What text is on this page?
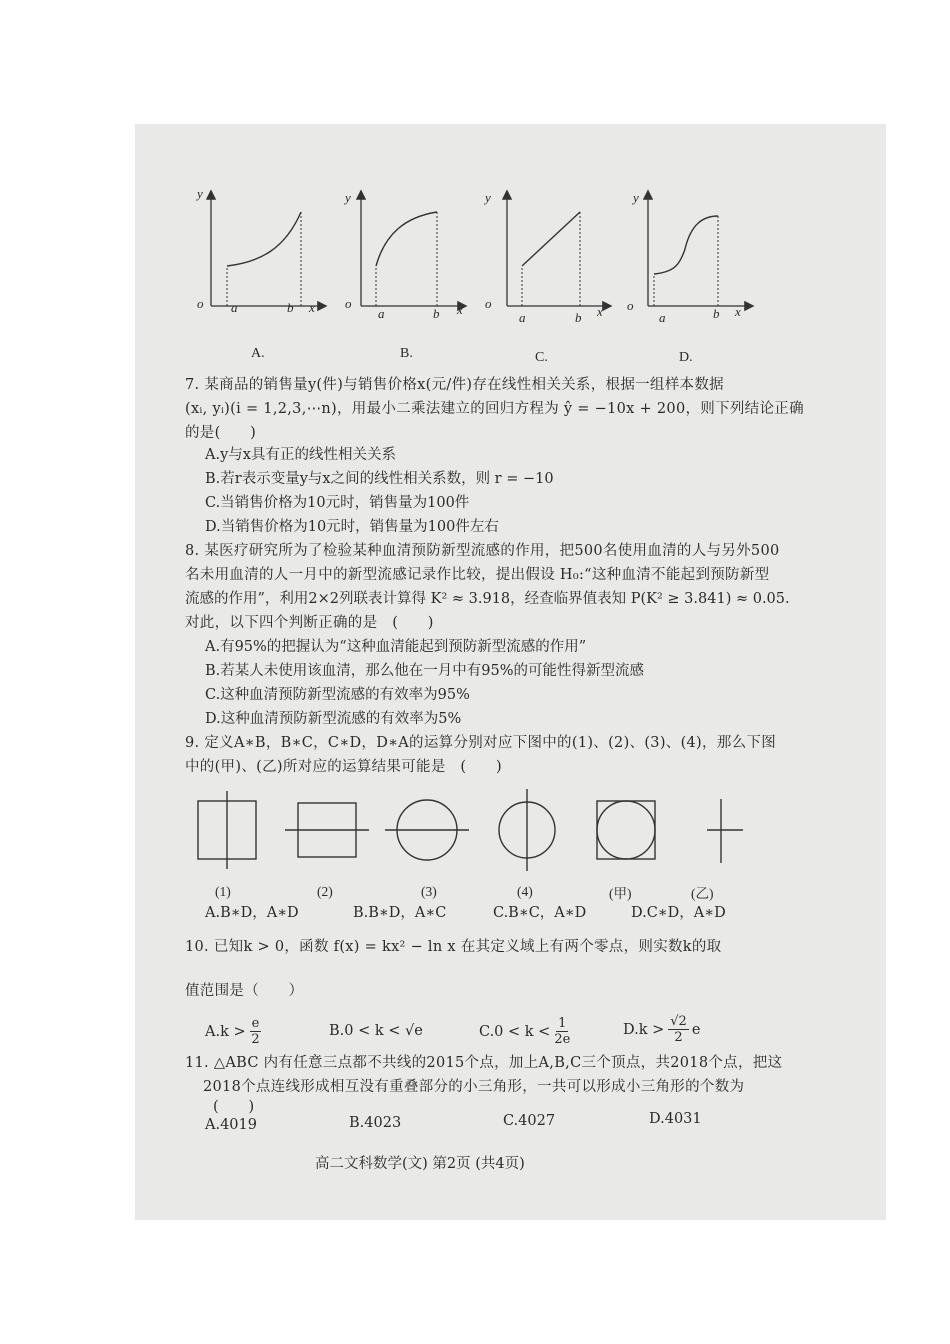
y
o a	b x
y
o
a	b x
y
o
a	b x
y
o
a	b x
A.	B.	C.	D.
7. 某商品的销售量y(件)与销售价格x(元/件)存在线性相关关系，根据一组样本数据
(xᵢ, yᵢ)(i = 1,2,3,⋯n)，用最小二乘法建立的回归方程为 ŷ = −10x + 200，则下列结论正确
的是(　　)
A.y与x具有正的线性相关关系
B.若r表示变量y与x之间的线性相关系数，则 r = −10
C.当销售价格为10元时，销售量为100件
D.当销售价格为10元时，销售量为100件左右
8. 某医疗研究所为了检验某种血清预防新型流感的作用，把500名使用血清的人与另外500
名未用血清的人一月中的新型流感记录作比较，提出假设 H₀:“这种血清不能起到预防新型
流感的作用”，利用2×2列联表计算得 K² ≈ 3.918，经查临界值表知 P(K² ≥ 3.841) ≈ 0.05.
对此，以下四个判断正确的是　(　　)
A.有95%的把握认为“这种血清能起到预防新型流感的作用”
B.若某人未使用该血清，那么他在一月中有95%的可能性得新型流感
C.这种血清预防新型流感的有效率为95%
D.这种血清预防新型流感的有效率为5%
9. 定义A∗B，B∗C，C∗D，D∗A的运算分别对应下图中的(1)、(2)、(3)、(4)，那么下图
中的(甲)、(乙)所对应的运算结果可能是　(　　)
(1)	(2)	(3)	(4)	(甲)	(乙)
A.B∗D，A∗D	B.B∗D，A∗C	C.B∗C，A∗D	D.C∗D，A∗D
10. 已知k > 0，函数 f(x) = kx² − ln x 在其定义域上有两个零点，则实数k的取
值范围是（　　）
$A.k > \frac{e}{2}$	B.0 < k < √e	$C.0 < k < \frac{1}{2e}$	$D.k > \frac{√2}{2}$ e
11. △ABC 内有任意三点都不共线的2015个点，加上A,B,C三个顶点，共2018个点，把这
2018个点连线形成相互没有重叠部分的小三角形，一共可以形成小三角形的个数为
(　　)
A.4019	B.4023	C.4027	D.4031
高二文科数学(文) 第2页 (共4页)
